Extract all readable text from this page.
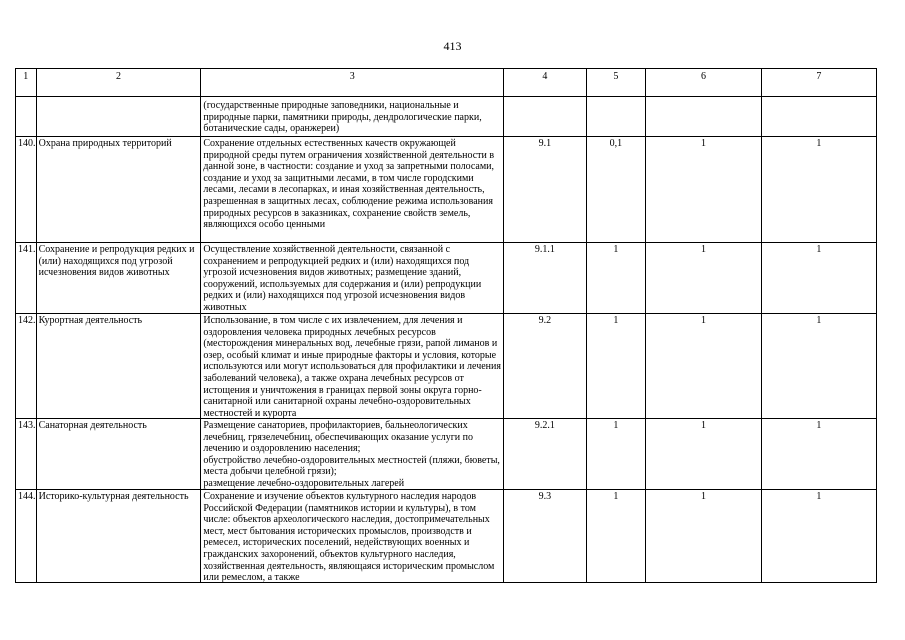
413
1	2	3	4	5	6	7

		(государственные природные заповедники, национальные и природные парки, памятники природы, дендрологические парки, ботанические сады, оранжереи)				

140.	Охрана природных территорий	Сохранение отдельных естественных качеств окружающей природной среды путем ограничения хозяйственной деятельности в данной зоне, в частности: создание и уход за запретными полосами, создание и уход за защитными лесами, в том числе городскими лесами, лесами в лесопарках, и иная хозяйственная деятельность, разрешенная в защитных лесах, соблюдение режима использования природных ресурсов в заказниках, сохранение свойств земель, являющихся особо ценными	9.1	0,1	1	1

141.	Сохранение и репродукция редких и (или) находящихся под угрозой исчезновения видов животных	Осуществление хозяйственной деятельности, связанной с сохранением и репродукцией редких и (или) находящихся под угрозой исчезновения видов животных; размещение зданий, сооружений, используемых для содержания и (или) репродукции редких и (или) находящихся под угрозой исчезновения видов животных	9.1.1	1	1	1

142.	Курортная деятельность	Использование, в том числе с их извлечением, для лечения и оздоровления человека природных лечебных ресурсов (месторождения минеральных вод, лечебные грязи, рапой лиманов и озер, особый климат и иные природные факторы и условия, которые используются или могут использоваться для профилактики и лечения заболеваний человека), а также охрана лечебных ресурсов от истощения и уничтожения в границах первой зоны округа горно-санитарной или санитарной охраны лечебно-оздоровительных местностей и курорта	9.2	1	1	1

143.	Санаторная деятельность	Размещение санаториев, профилакториев, бальнеологических лечебниц, грязелечебниц, обеспечивающих оказание услуги по лечению и оздоровлению населения;
обустройство лечебно-оздоровительных местностей (пляжи, бюветы, места добычи целебной грязи);
размещение лечебно-оздоровительных лагерей	9.2.1	1	1	1

144.	Историко-культурная деятельность	Сохранение и изучение объектов культурного наследия народов Российской Федерации (памятников истории и культуры), в том числе: объектов археологического наследия, достопримечательных мест, мест бытования исторических промыслов, производств и ремесел, исторических поселений, недействующих военных и гражданских захоронений, объектов культурного наследия, хозяйственная деятельность, являющаяся историческим промыслом или ремеслом, а также	9.3	1	1	1
